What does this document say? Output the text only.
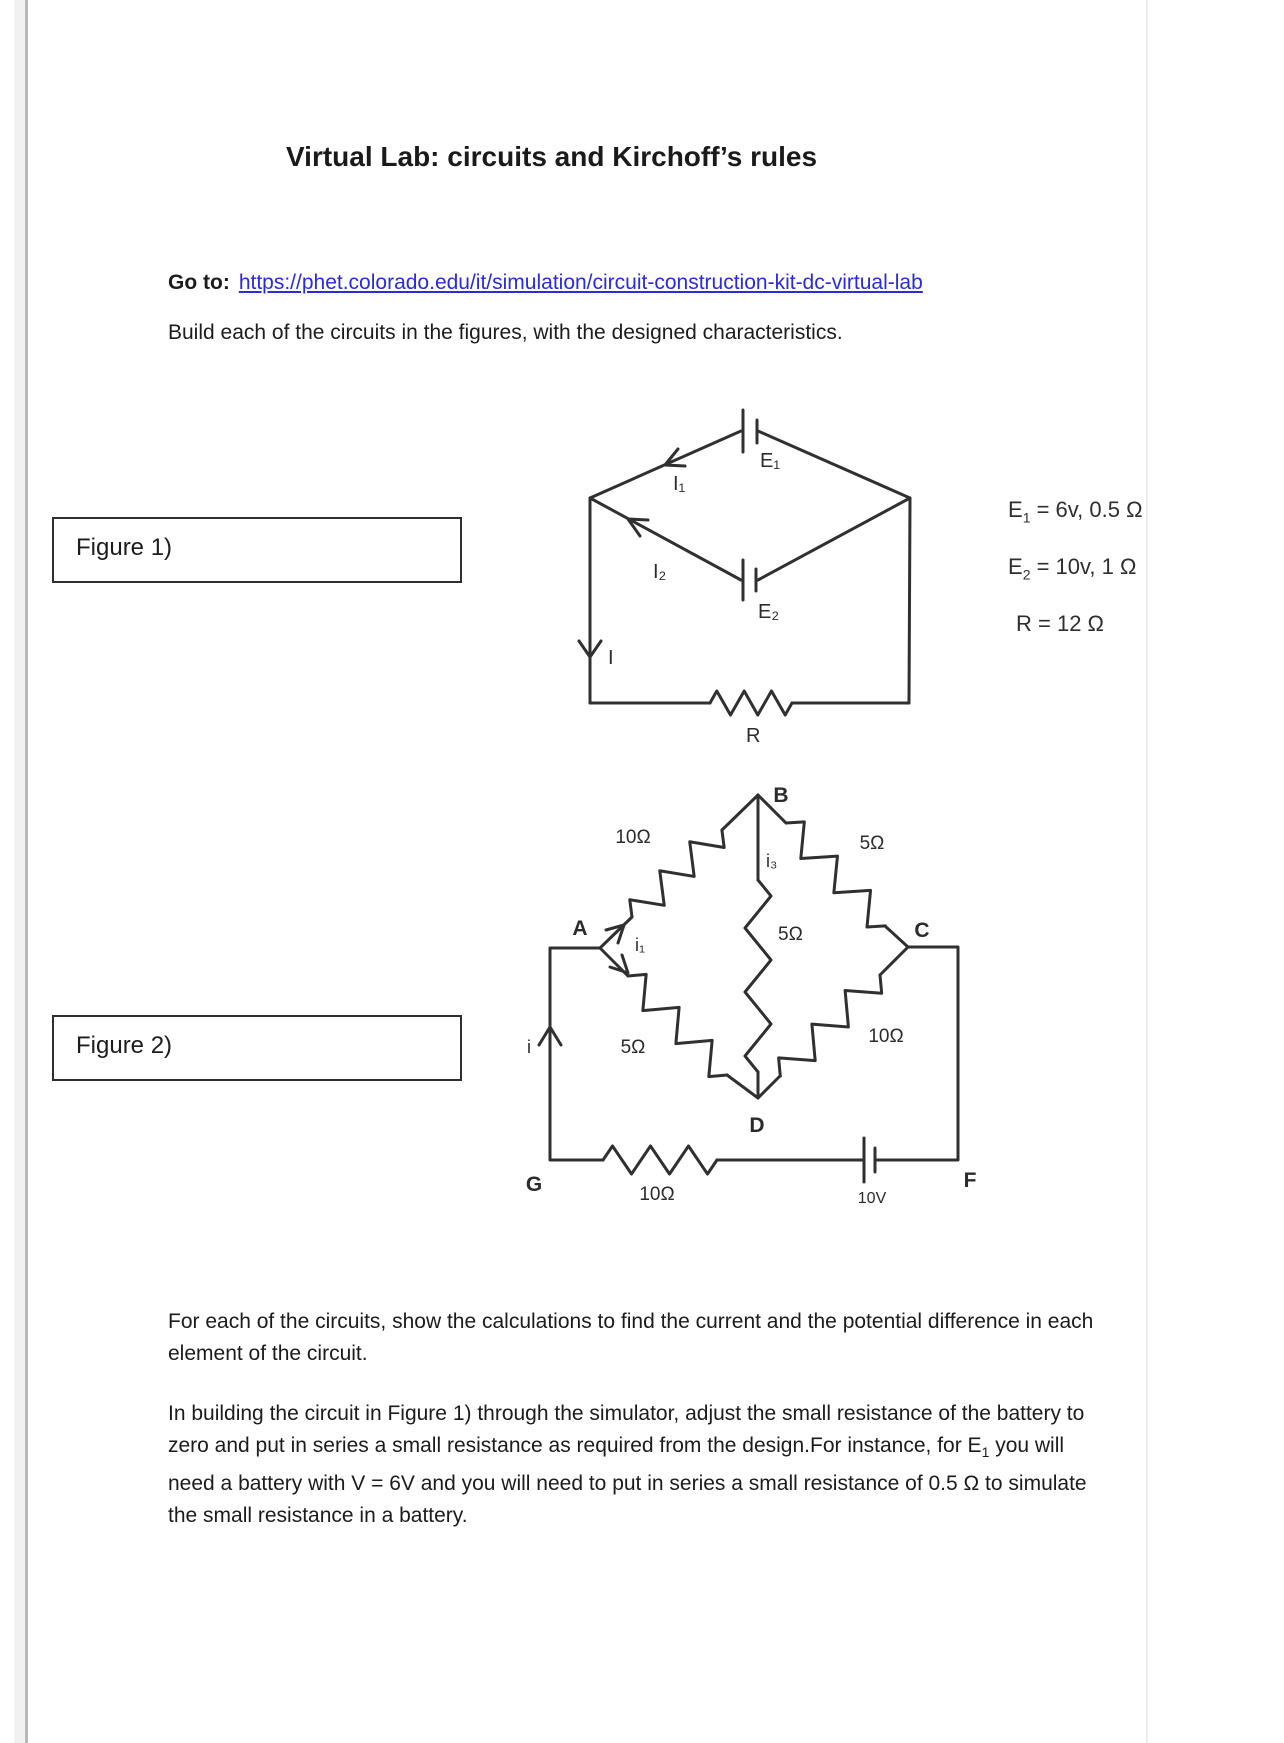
Virtual Lab: circuits and Kirchoff’s rules

Go to: https://phet.colorado.edu/it/simulation/circuit-construction-kit-dc-virtual-lab

Build each of the circuits in the figures, with the designed characteristics.

Figure 1)
I₁
I₂
E₁
E₂
I
R
$E_1 = 6v$, 0.5 Ω
$E_2 = 10v$, 1 Ω
R = 12 Ω
Figure 2)
A
B
C
D
G	F
10Ω	5Ω
5Ω
5Ω
10Ω
10Ω
i
i₁
i₃
10V

For each of the circuits, show the calculations to find the current and the potential difference in each element of the circuit.

In building the circuit in Figure 1) through the simulator, adjust the small resistance of the battery to zero and put in series a small resistance as required from the design.For instance, for $E_1$ you will need a battery with V = 6V and you will need to put in series a small resistance of 0.5 Ω to simulate the small resistance in a battery.
